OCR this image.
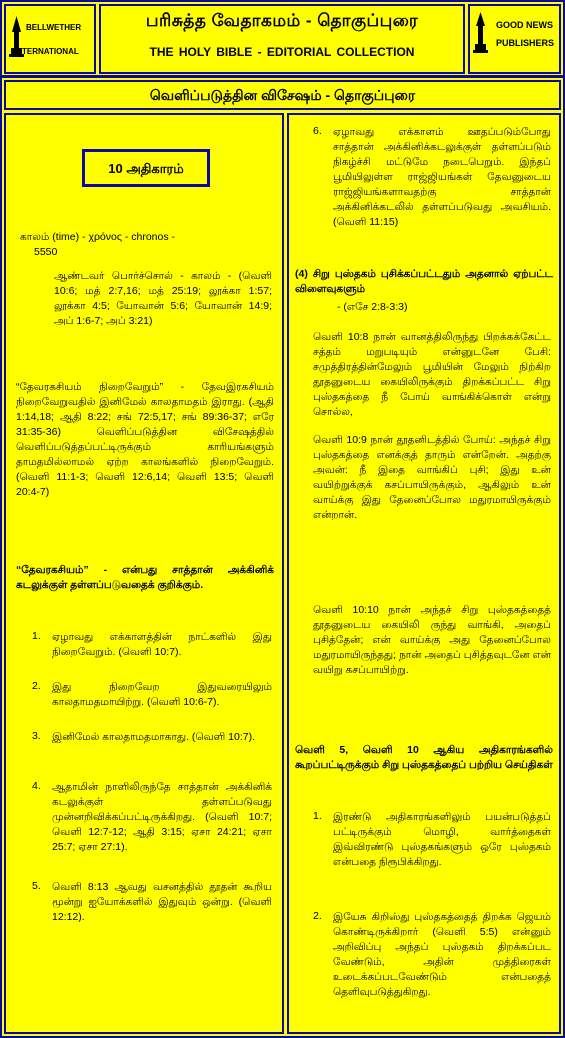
BELLWETHER
INTERNATIONAL
பரிசுத்த வேதாகமம் - தொகுப்புரை
THE HOLY BIBLE - EDITORIAL COLLECTION
GOOD NEWS
PUBLISHERS
வெளிப்படுத்தின விசேஷம் - தொகுப்புரை
10 அதிகாரம்
காலம் (time) - χρόνος - chronos -
5550
ஆண்டவர் பொர்ச்சொல் - காலம் - (வெளி 10:6; மத் 2:7,16; மத் 25:19; லூக்கா 1:57; லூக்கா 4:5; யோவான் 5:6; யோவான் 14:9; அப் 1:6-7; அப் 3:21)
“தேவரகசியம் நிறைவேறும்” - தேவஇரகசியம் நிறைவேறுவதில் இனிமேல் காலதாமதம் இராது. (ஆதி 1:14,18; ஆதி 8:22; சங் 72:5,17; சங் 89:36-37; எரே 31:35-36) வெளிப்படுத்தின விசேஷத்தில் வெளிப்படுத்தப்பட்டிருக்கும் காரியங்களும் தாமதமில்லாமல் ஏற்ற காலங்களில் நிறைவேறும். (வெளி 11:1-3; வெளி 12:6,14; வெளி 13:5; வெளி 20:4-7)
“தேவரகசியம்” - என்பது சாத்தான் அக்கினிக் கடலுக்குள் தள்ளப்படுவதைக் குறிக்கும்.
1. ஏழாவது எக்காளத்தின் நாட்களில் இது நிறைவேறும். (வெளி 10:7).
2. இது நிறைவேற இதுவரையிலும் காலதாமதமாயிற்று. (வெளி 10:6-7).
3. இனிமேல் காலதாமதமாகாது. (வெளி 10:7).
4. ஆதாமின் நாளிலிருந்தே சாத்தான் அக்கினிக் கடலுக்குள் தள்ளப்படுவது முன்னறிவிக்கப்பட்டிருக்கிறது. (வெளி 10:7; வெளி 12:7-12; ஆதி 3:15; ஏசா 24:21; ஏசா 25:7; ஏசா 27:1).
5. வெளி 8:13 ஆவது வசனத்தில் தூதன் கூறிய மூன்று ஐயோக்களில் இதுவும் ஒன்று. (வெளி 12:12).
6. ஏழாவது எக்காளம் ஊதப்படும்போது சாத்தான் அக்கினிக்கடலுக்குள் தள்ளப்படும் நிகழ்ச்சி மட்டுமே நடைபெறும். இந்தப் பூமியிலுள்ள ராஜ்ஜியங்கள் தேவனுடைய ராஜ்ஜியங்களாவதற்கு சாத்தான் அக்கினிக்கடலில் தள்ளப்படுவது அவசியம். (வெளி 11:15)
(4) சிறு புஸ்தகம் புசிக்கப்பட்டதும் அதனால் ஏற்பட்ட விளைவுகளும்
- (எசே 2:8-3:3)
வெளி 10:8 நான் வானத்திலிருந்து பிறக்கக்கேட்ட சத்தம் மறுபடியும் என்னுடனே பேசி: சமுத்திரத்தின்மேலும் பூமியின் மேலும் நிற்கிற தூதனுடைய கையிலிருக்கும் திறக்கப்பட்ட சிறு புஸ்தகத்தை நீ போய் வாங்கிக்கொள் என்று சொல்ல,
வெளி 10:9 நான் தூதனிடத்தில் போய்: அந்தச் சிறு புஸ்தகத்தை எனக்குத் தாரும் என்றேன். அதற்கு அவன்: நீ இதை வாங்கிப் புசி; இது உன் வயிற்றுக்குக் கசப்பாயிருக்கும், ஆகிலும் உன் வாய்க்கு இது தேனைப்போல மதுரமாயிருக்கும் என்றான்.
வெளி 10:10 நான் அந்தச் சிறு புஸ்தகத்தைத் தூதனுடைய கையிலி ருந்து வாங்கி, அதைப் புசித்தேன்; என் வாய்க்கு அது தேனைப்போல மதுரமாயிருந்தது; நான் அதைப் புசித்தவுடனே என் வயிறு கசப்பாயிற்று.
வெளி 5, வெளி 10 ஆகிய அதிகாரங்களில் கூறப்பட்டிருக்கும் சிறு புஸ்தகத்தைப் பற்றிய செய்திகள்
1. இரண்டு அதிகாரங்களிலும் பயன்படுத்தப் பட்டிருக்கும் மொழி, வார்த்தைகள் இவ்விரண்டு புஸ்தகங்களும் ஒரே புஸ்தகம் என்பதை நிரூபிக்கிறது.
2. இயேசு கிறிஸ்து புஸ்தகத்தைத் திறக்க ஜெயம் கொண்டிருக்கிறார் (வெளி 5:5) என்னும் அறிவிப்பு அந்தப் புஸ்தகம் திறக்கப்பட வேண்டும், அதின் முத்திரைகள் உடைக்கப்படவேண்டும் என்பதைத் தெளிவுபடுத்துகிறது.
